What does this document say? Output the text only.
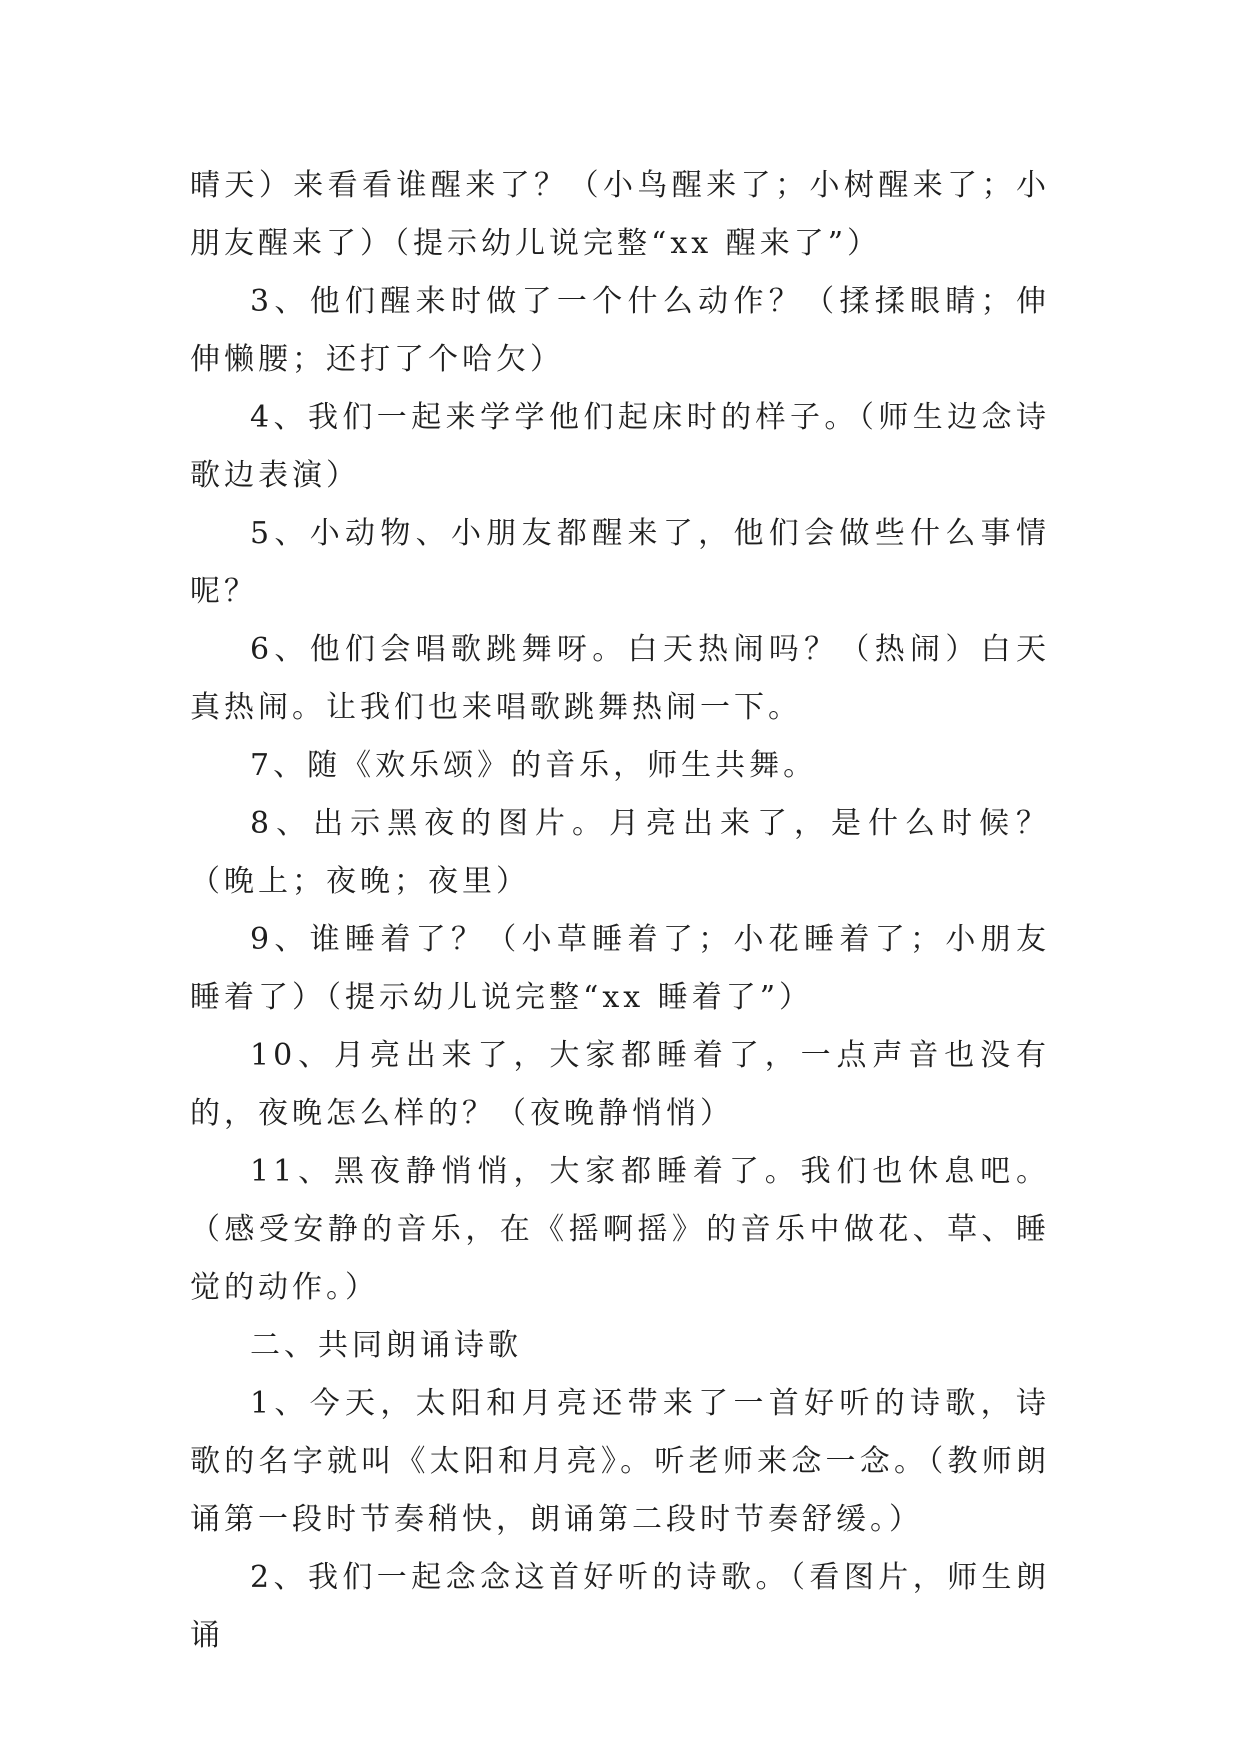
晴天）来看看谁醒来了？（小鸟醒来了；小树醒来了；小朋友醒来了）（提示幼儿说完整“xx 醒来了”）

3、他们醒来时做了一个什么动作？（揉揉眼睛；伸伸懒腰；还打了个哈欠）

4、我们一起来学学他们起床时的样子。（师生边念诗歌边表演）

5、小动物、小朋友都醒来了，他们会做些什么事情呢？

6、他们会唱歌跳舞呀。白天热闹吗？（热闹）白天真热闹。让我们也来唱歌跳舞热闹一下。

7、随《欢乐颂》的音乐，师生共舞。

8、出示黑夜的图片。月亮出来了，是什么时候？（晚上；夜晚；夜里）

9、谁睡着了？（小草睡着了；小花睡着了；小朋友睡着了）（提示幼儿说完整“xx 睡着了”）

10、月亮出来了，大家都睡着了，一点声音也没有的，夜晚怎么样的？（夜晚静悄悄）

11、黑夜静悄悄，大家都睡着了。我们也休息吧。（感受安静的音乐，在《摇啊摇》的音乐中做花、草、睡觉的动作。）

二、共同朗诵诗歌

1、今天，太阳和月亮还带来了一首好听的诗歌，诗歌的名字就叫《太阳和月亮》。听老师来念一念。（教师朗诵第一段时节奏稍快，朗诵第二段时节奏舒缓。）

2、我们一起念念这首好听的诗歌。（看图片，师生朗诵
